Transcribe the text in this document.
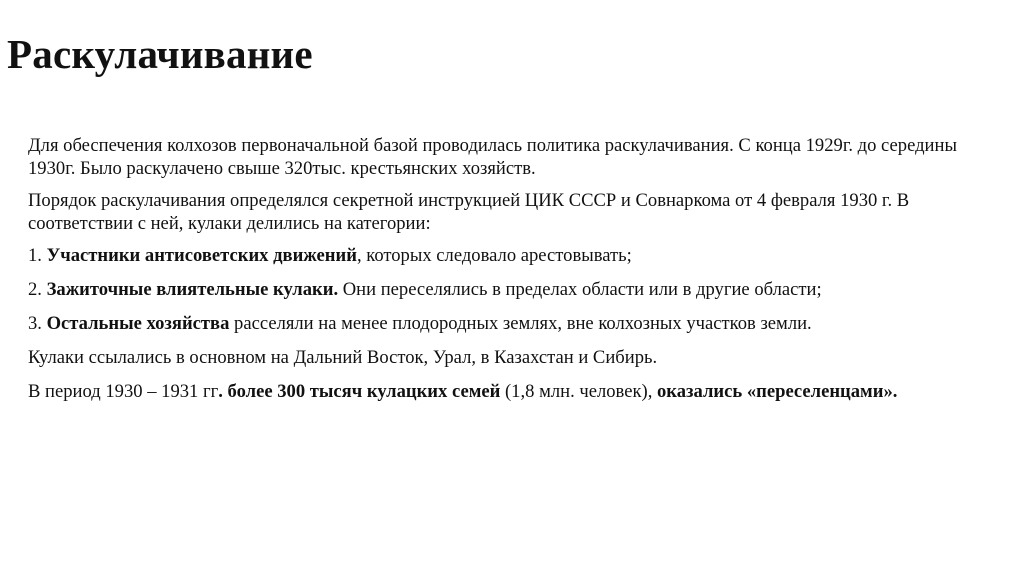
Раскулачивание

Для обеспечения колхозов первоначальной базой проводилась политика раскулачивания. С конца 1929г. до середины 1930г. Было раскулачено свыше 320тыс. крестьянских хозяйств.

Порядок раскулачивания определялся секретной инструкцией ЦИК СССР и Совнаркома от 4 февраля 1930 г. В соответствии с ней, кулаки делились на категории:

1. Участники антисоветских движений, которых следовало арестовывать;

2. Зажиточные влиятельные кулаки. Они переселялись в пределах области или в другие области;

3. Остальные хозяйства расселяли на менее плодородных землях, вне колхозных участков земли.

Кулаки ссылались в основном на Дальний Восток, Урал, в Казахстан и Сибирь.

В период 1930 – 1931 гг. более 300 тысяч кулацких семей (1,8 млн. человек), оказались «переселенцами».
